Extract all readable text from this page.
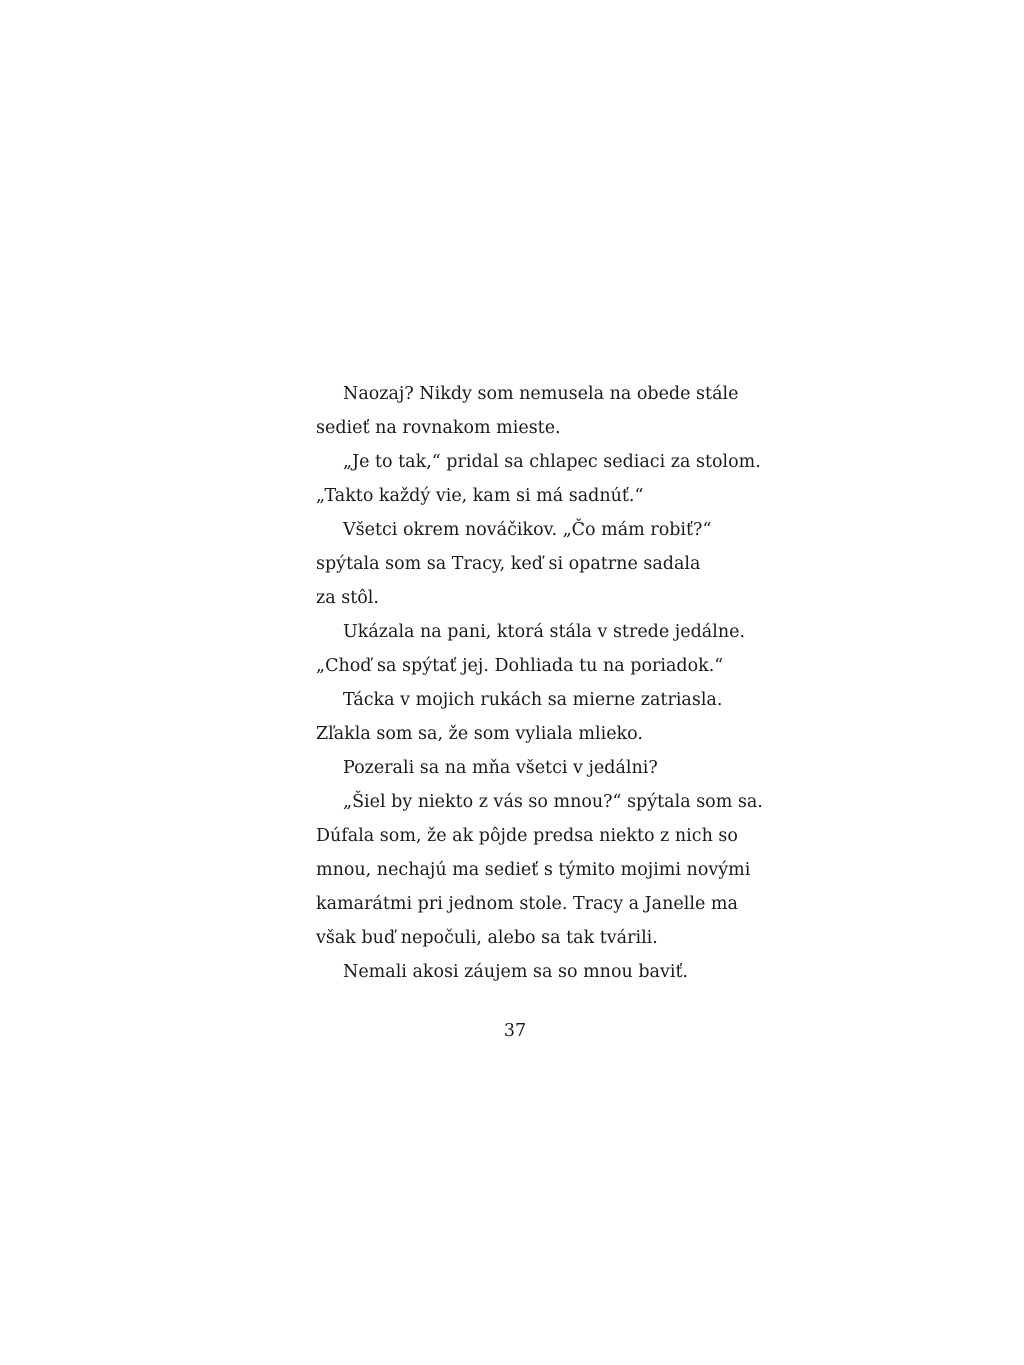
Naozaj? Nikdy som nemusela na obede stále
sedieť na rovnakom mieste.
„Je to tak,“ pridal sa chlapec sediaci za stolom.
„Takto každý vie, kam si má sadnúť.“
Všetci okrem nováčikov. „Čo mám robiť?“
spýtala som sa Tracy, keď si opatrne sadala
za stôl.
Ukázala na pani, ktorá stála v strede jedálne.
„Choď sa spýtať jej. Dohliada tu na poriadok.“
Tácka v mojich rukách sa mierne zatriasla.
Zľakla som sa, že som vyliala mlieko.
Pozerali sa na mňa všetci v jedálni?
„Šiel by niekto z vás so mnou?“ spýtala som sa.
Dúfala som, že ak pôjde predsa niekto z nich so
mnou, nechajú ma sedieť s týmito mojimi novými
kamarátmi pri jednom stole. Tracy a Janelle ma
však buď nepočuli, alebo sa tak tvárili.
Nemali akosi záujem sa so mnou baviť.
37
